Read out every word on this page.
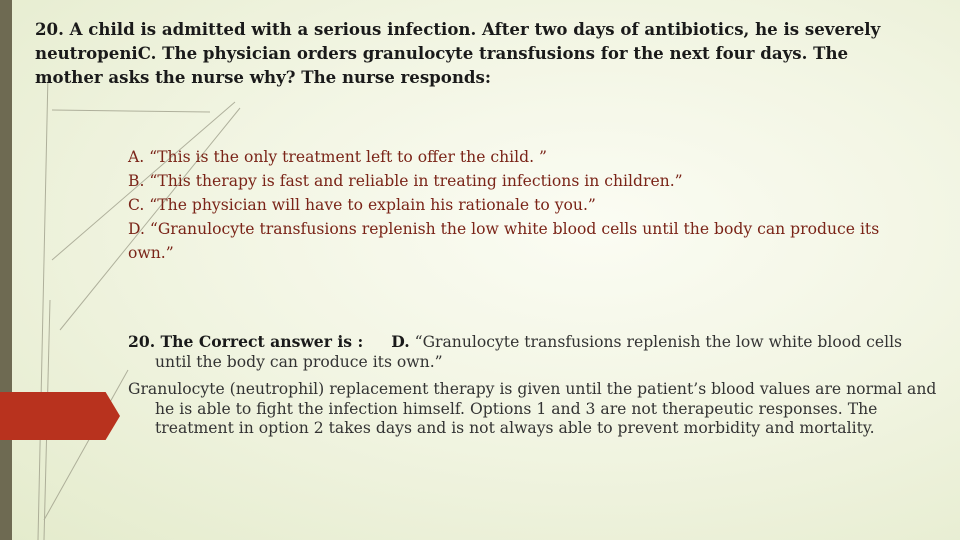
20. A child is admitted with a serious infection. After two days of antibiotics, he is severely neutropeniC. The physician orders granulocyte transfusions for the next four days. The mother asks the nurse why? The nurse responds:
A. “This is the only treatment left to offer the child. ”
B. “This therapy is fast and reliable in treating infections in children.”
C. “The physician will have to explain his rationale to you.”
D. “Granulocyte transfusions replenish the low white blood cells until the body can produce its own.”
20. The Correct answer is : D. “Granulocyte transfusions replenish the low white blood cells until the body can produce its own.”
Granulocyte (neutrophil) replacement therapy is given until the patient’s blood values are normal and he is able to fight the infection himself. Options 1 and 3 are not therapeutic responses. The treatment in option 2 takes days and is not always able to prevent morbidity and mortality.
